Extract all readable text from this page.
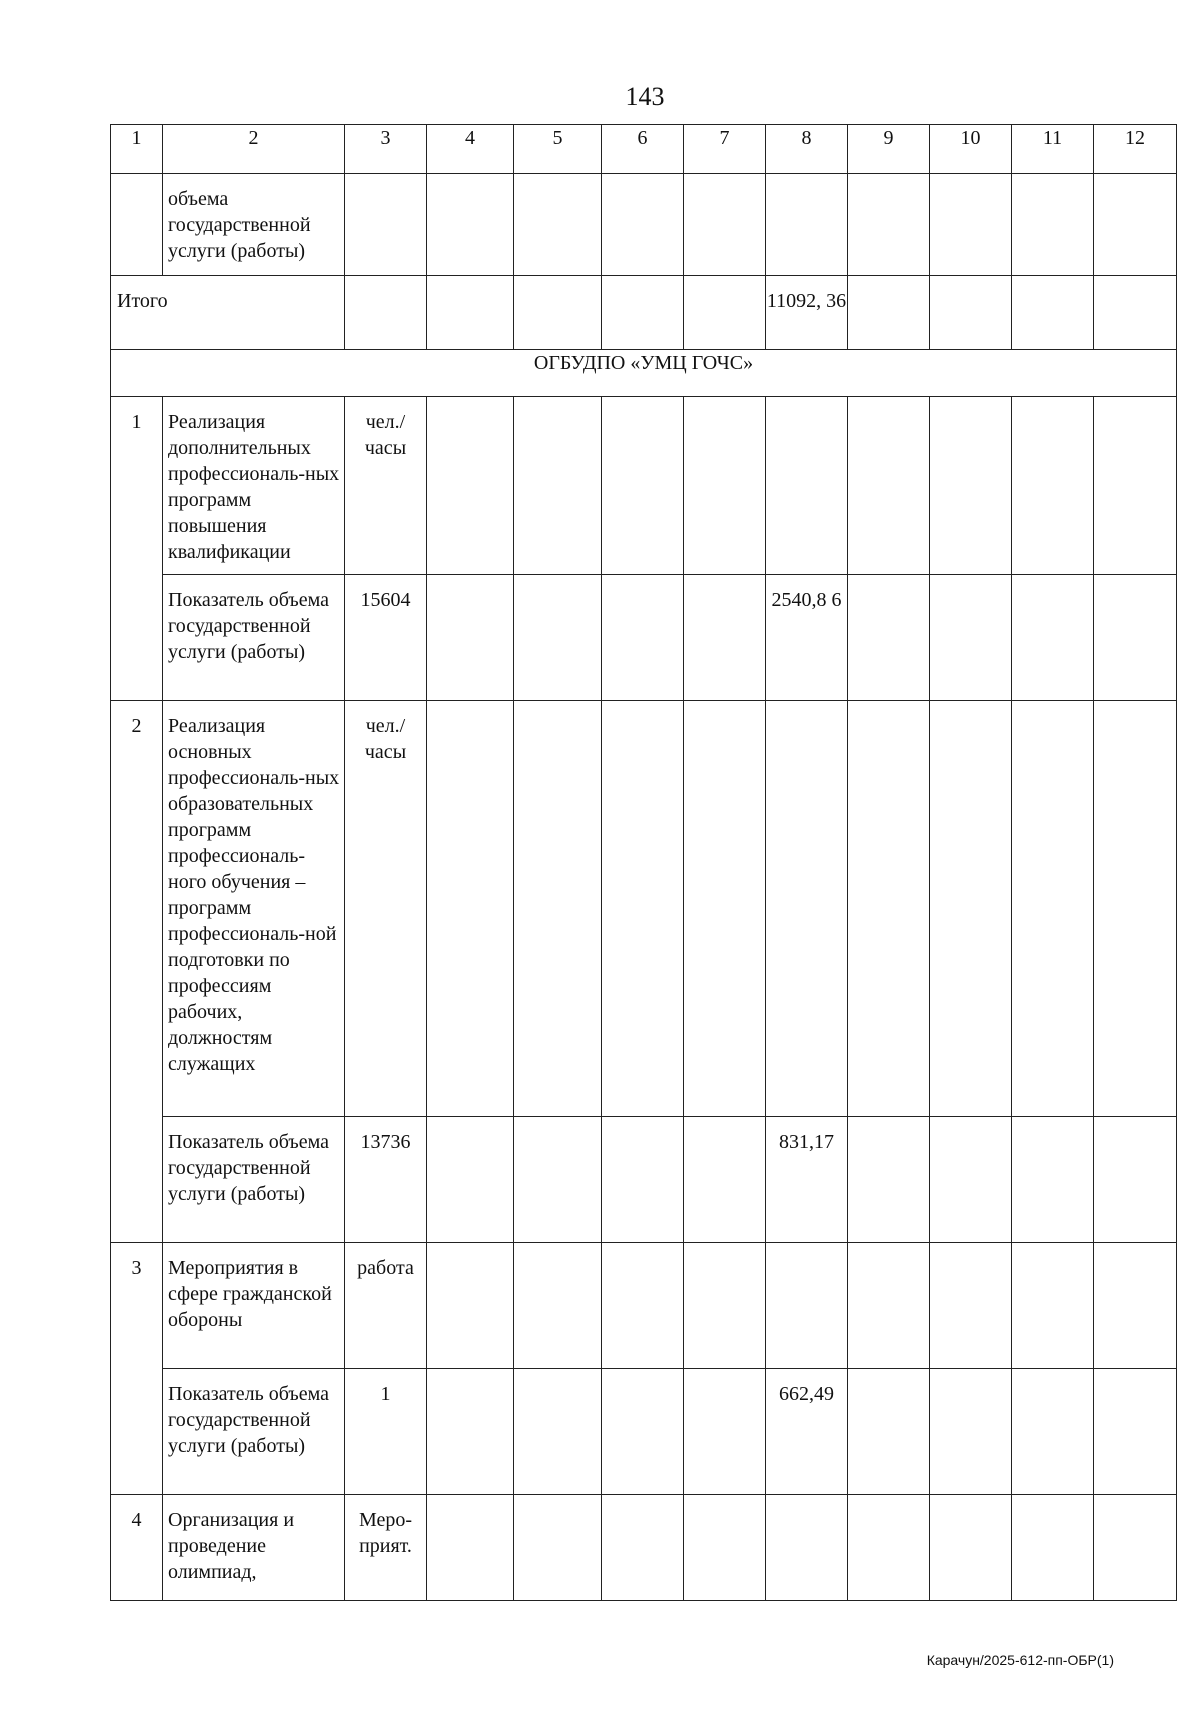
143
1	2	3	4	5	6	7	8	9	10	11	12
	объема государственной услуги (работы)										
Итого							11092, 36				
ОГБУДПО «УМЦ ГОЧС»											
1	Реализация дополнительных профессиональ-ных программ повышения квалификации	чел./ часы									
	Показатель объема государственной услуги (работы)	15604					2540,8 6				
2	Реализация основных профессиональ-ных образовательных программ профессиональ-ного обучения – программ профессиональ-ной подготовки по профессиям рабочих, должностям служащих	чел./ часы									
	Показатель объема государственной услуги (работы)	13736					831,17				
3	Мероприятия в сфере гражданской обороны	работа									
	Показатель объема государственной услуги (работы)	1					662,49				
4	Организация и проведение олимпиад,	Меро-прият.									
Карачун/2025-612-пп-ОБР(1)
